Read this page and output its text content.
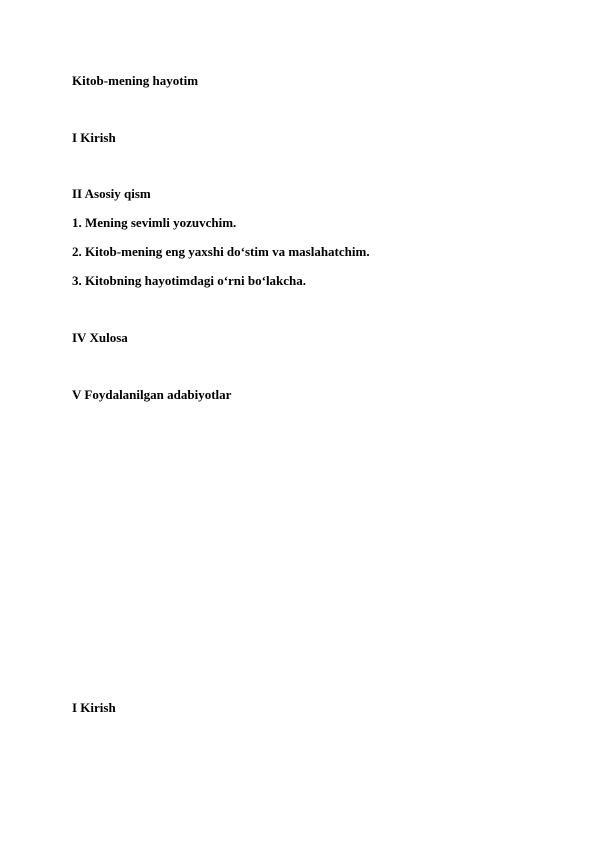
Kitob-mening hayotim
I Kirish
II Asosiy qism
1. Mening sevimli yozuvchim.
2. Kitob-mening eng yaxshi do‘stim va maslahatchim.
3. Kitobning hayotimdagi o‘rni bo‘lakcha.
IV Xulosa
V Foydalanilgan adabiyotlar
I Kirish
